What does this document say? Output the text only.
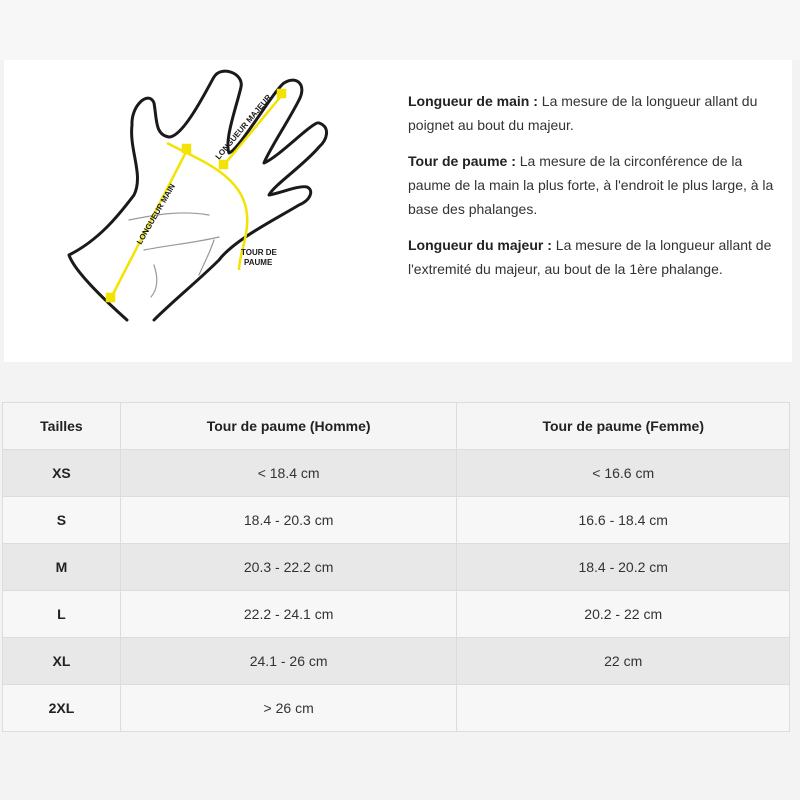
LONGUEUR MAIN
LONGUEUR MAJEUR
TOUR DE
PAUME

Longueur de main : La mesure de la longueur allant du poignet au bout du majeur.

Tour de paume : La mesure de la circonférence de la paume de la main la plus forte, à l'endroit le plus large, à la base des phalanges.

Longueur du majeur : La mesure de la longueur allant de l'extremité du majeur, au bout de la 1ère phalange.

Tailles	Tour de paume (Homme)	Tour de paume (Femme)
XS	< 18.4 cm	< 16.6 cm
S	18.4 - 20.3 cm	16.6 - 18.4 cm
M	20.3 - 22.2 cm	18.4 - 20.2 cm
L	22.2 - 24.1 cm	20.2 - 22 cm
XL	24.1 - 26 cm	22 cm
2XL	> 26 cm	
